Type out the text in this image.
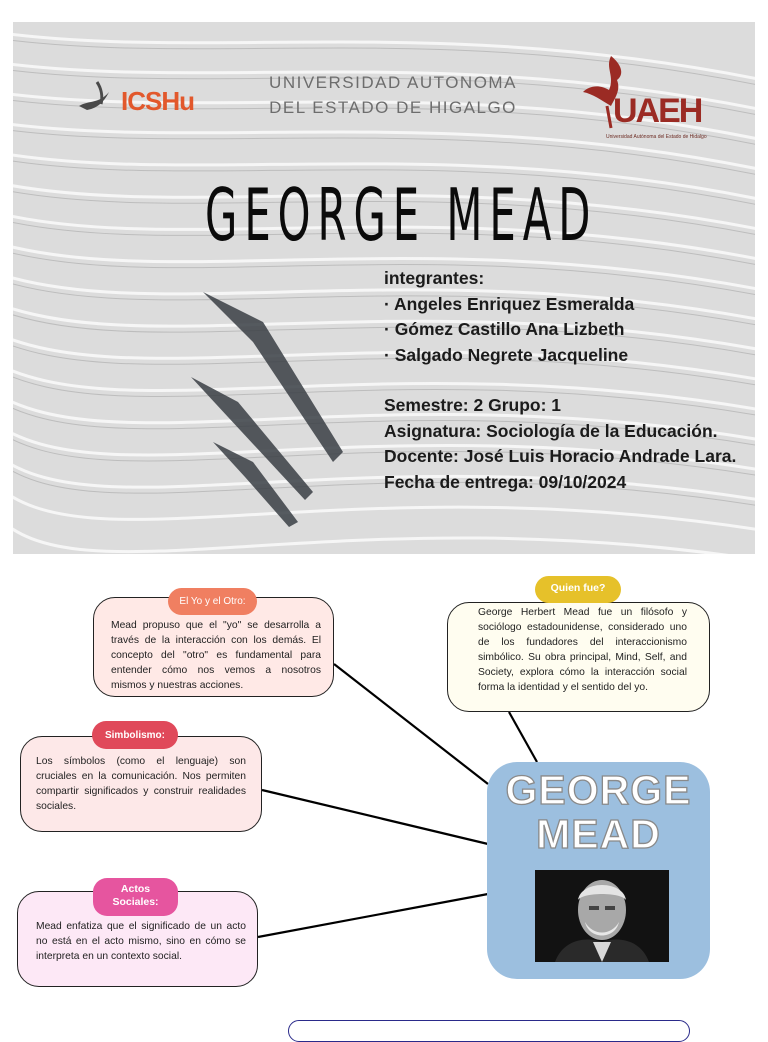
ICSHu
UNIVERSIDAD AUTONOMA
DEL ESTADO DE HIGALGO	UAEH
Universidad Autónoma del Estado de Hidalgo
GEORGE MEAD
integrantes:
· Angeles Enriquez Esmeralda
· Gómez Castillo Ana Lizbeth
· Salgado Negrete Jacqueline
Semestre: 2 Grupo: 1
Asignatura: Sociología de la Educación.
Docente: José Luis Horacio Andrade Lara.
Fecha de entrega: 09/10/2024
Mead propuso que el "yo" se desarrolla a través de la interacción con los demás. El concepto del "otro" es fundamental para entender cómo nos vemos a nosotros mismos y nuestras acciones.
El Yo y el Otro:
George Herbert Mead fue un filósofo y sociólogo estadounidense, considerado uno de los fundadores del interaccionismo simbólico. Su obra principal, Mind, Self, and Society, explora cómo la interacción social forma la identidad y el sentido del yo.
Quien fue?
Los símbolos (como el lenguaje) son cruciales en la comunicación. Nos permiten compartir significados y construir realidades sociales.
Simbolismo:
Mead enfatiza que el significado de un acto no está en el acto mismo, sino en cómo se interpreta en un contexto social.
Actos
Sociales:
GEORGE
MEAD
